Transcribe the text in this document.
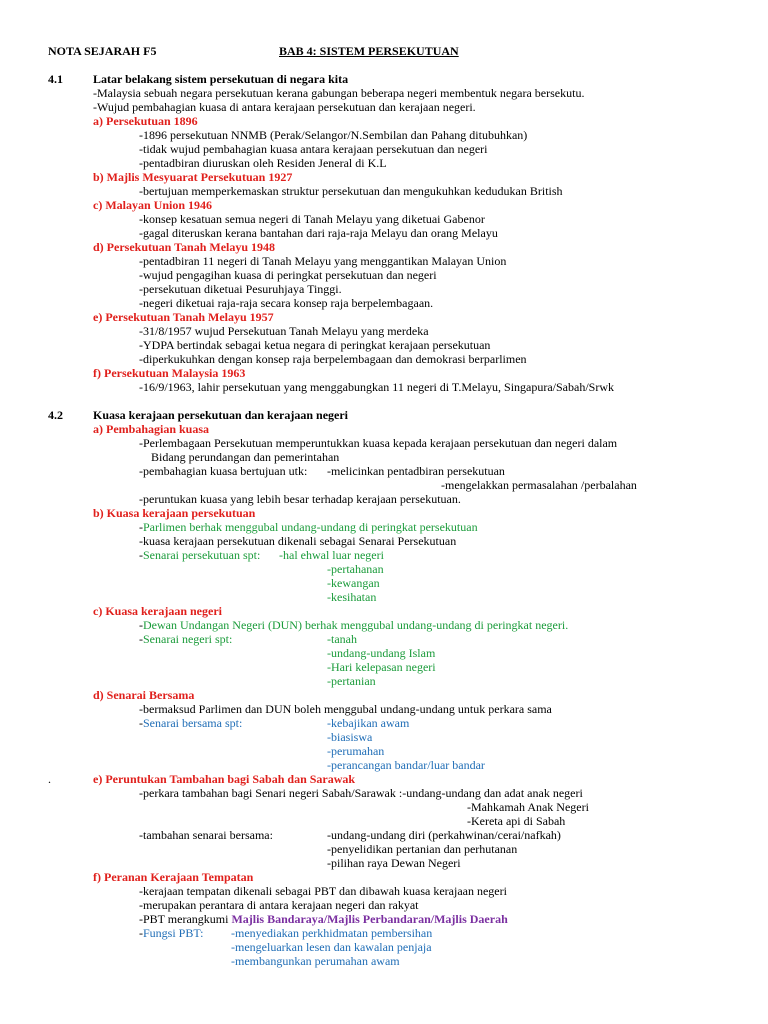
NOTA SEJARAH F5	BAB 4: SISTEM PERSEKUTUAN
4.1	Latar belakang sistem persekutuan di negara kita
-Malaysia sebuah negara persekutuan kerana gabungan beberapa negeri membentuk negara bersekutu.
-Wujud pembahagian kuasa di antara kerajaan persekutuan dan kerajaan negeri.
a) Persekutuan 1896
-1896 persekutuan NNMB (Perak/Selangor/N.Sembilan dan Pahang ditubuhkan)
-tidak wujud pembahagian kuasa antara kerajaan persekutuan dan negeri
-pentadbiran diuruskan oleh Residen Jeneral di K.L
b) Majlis Mesyuarat Persekutuan 1927
-bertujuan memperkemaskan struktur persekutuan dan mengukuhkan kedudukan British
c) Malayan Union 1946
-konsep kesatuan semua negeri di Tanah Melayu yang diketuai Gabenor
-gagal diteruskan kerana bantahan dari raja-raja Melayu dan orang Melayu
d) Persekutuan Tanah Melayu 1948
-pentadbiran 11 negeri di Tanah Melayu yang menggantikan Malayan Union
-wujud pengagihan kuasa di peringkat persekutuan dan negeri
-persekutuan diketuai Pesuruhjaya Tinggi.
-negeri diketuai raja-raja secara konsep raja berpelembagaan.
e) Persekutuan Tanah Melayu 1957
-31/8/1957 wujud Persekutuan Tanah Melayu yang merdeka
-YDPA bertindak sebagai ketua negara di peringkat kerajaan persekutuan
-diperkukuhkan dengan konsep raja berpelembagaan dan demokrasi berparlimen
f) Persekutuan Malaysia 1963
-16/9/1963, lahir persekutuan yang menggabungkan 11 negeri di T.Melayu, Singapura/Sabah/Srwk
4.2	Kuasa kerajaan persekutuan dan kerajaan negeri
a) Pembahagian kuasa
-Perlembagaan Persekutuan memperuntukkan kuasa kepada kerajaan persekutuan dan negeri dalam
Bidang perundangan dan pemerintahan
-pembahagian kuasa bertujuan utk: -melicinkan pentadbiran persekutuan
-mengelakkan permasalahan /perbalahan
-peruntukan kuasa yang lebih besar terhadap kerajaan persekutuan.
b) Kuasa kerajaan persekutuan
-Parlimen berhak menggubal undang-undang di peringkat persekutuan
-kuasa kerajaan persekutuan dikenali sebagai Senarai Persekutuan
-Senarai persekutuan spt: -hal ehwal luar negeri
-pertahanan
-kewangan
-kesihatan
c) Kuasa kerajaan negeri
-Dewan Undangan Negeri (DUN) berhak menggubal undang-undang di peringkat negeri.
-Senarai negeri spt:	-tanah
-undang-undang Islam
-Hari kelepasan negeri
-pertanian
d) Senarai Bersama
-bermaksud Parlimen dan DUN boleh menggubal undang-undang untuk perkara sama
-Senarai bersama spt:	-kebajikan awam
-biasiswa
-perumahan
-perancangan bandar/luar bandar
.	e) Peruntukan Tambahan bagi Sabah dan Sarawak
-perkara tambahan bagi Senari negeri Sabah/Sarawak :-undang-undang dan adat anak negeri
-Mahkamah Anak Negeri
-Kereta api di Sabah
-tambahan senarai bersama:	-undang-undang diri (perkahwinan/cerai/nafkah)
-penyelidikan pertanian dan perhutanan
-pilihan raya Dewan Negeri
f) Peranan Kerajaan Tempatan
-kerajaan tempatan dikenali sebagai PBT dan dibawah kuasa kerajaan negeri
-merupakan perantara di antara kerajaan negeri dan rakyat
-PBT merangkumi Majlis Bandaraya/Majlis Perbandaran/Majlis Daerah
-Fungsi PBT: -menyediakan perkhidmatan pembersihan
-mengeluarkan lesen dan kawalan penjaja
-membangunkan perumahan awam
